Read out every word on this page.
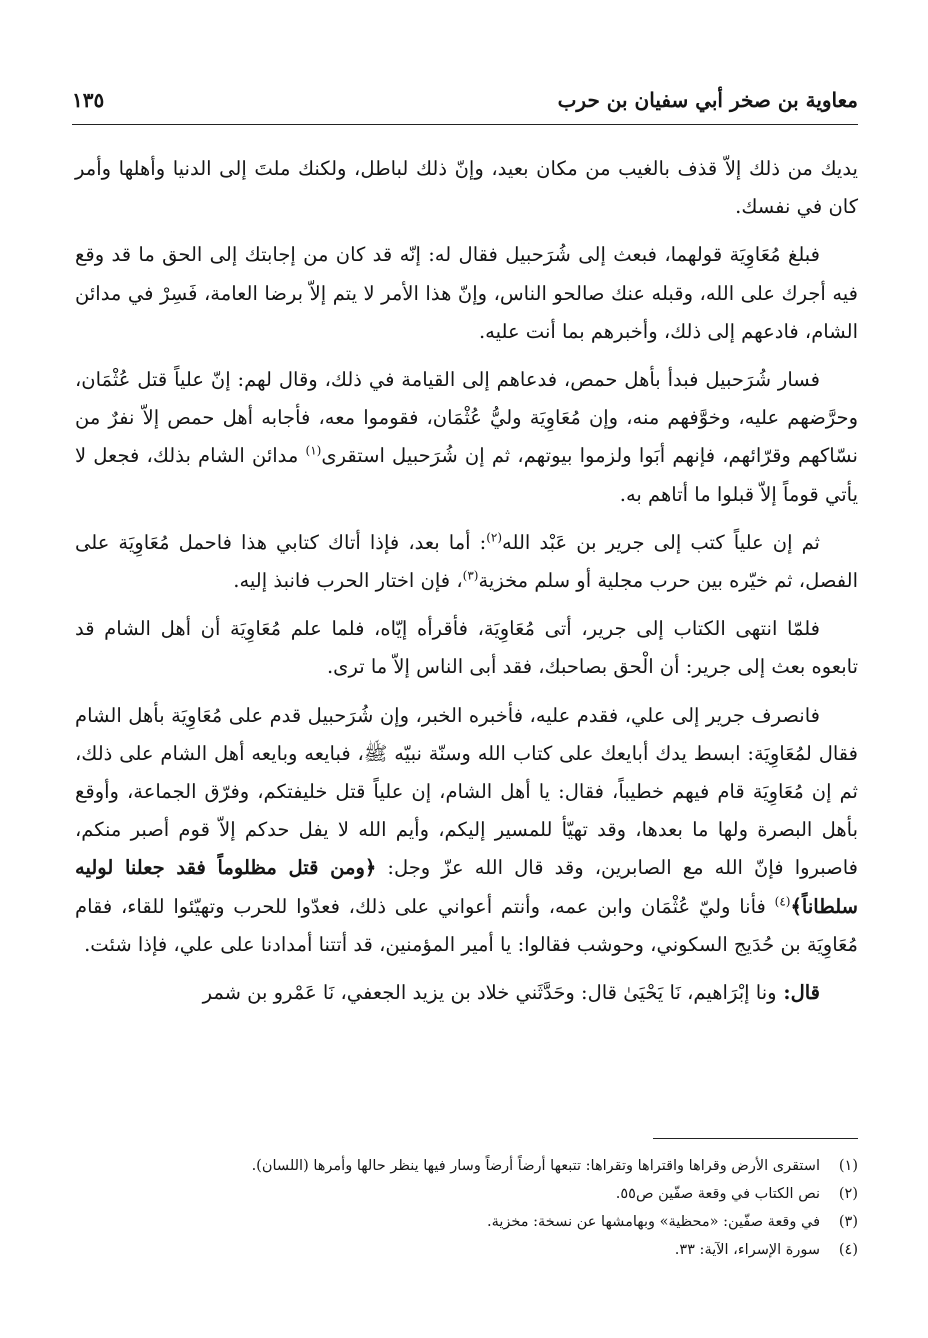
معاوية بن صخر أبي سفيان بن حرب
١٣٥

يديك من ذلك إلاّ قذف بالغيب من مكان بعيد، وإنّ ذلك لباطل، ولكنك ملتَ إلى الدنيا وأهلها وأمر كان في نفسك.

فبلغ مُعَاوِيَة قولهما، فبعث إلى شُرَحبيل فقال له: إنّه قد كان من إجابتك إلى الحق ما قد وقع فيه أجرك على الله، وقبله عنك صالحو الناس، وإنّ هذا الأمر لا يتم إلاّ برضا العامة، فَسِرْ في مدائن الشام، فادعهم إلى ذلك، وأخبرهم بما أنت عليه.

فسار شُرَحبيل فبدأ بأهل حمص، فدعاهم إلى القيامة في ذلك، وقال لهم: إنّ علياً قتل عُثْمَان، وحرَّضهم عليه، وخوَّفهم منه، وإن مُعَاوِيَة وليُّ عُثْمَان، فقوموا معه، فأجابه أهل حمص إلاّ نفرٌ من نسّاكهم وقرّائهم، فإنهم أبَوا ولزموا بيوتهم، ثم إن شُرَحبيل استقرى$^{(١)}$ مدائن الشام بذلك، فجعل لا يأتي قوماً إلاّ قبلوا ما أتاهم به.

ثم إن علياً كتب إلى جرير بن عَبْد الله$^{(٢)}$: أما بعد، فإذا أتاك كتابي هذا فاحمل مُعَاوِيَة على الفصل، ثم خيّره بين حرب مجلية أو سلم مخزية$^{(٣)}$، فإن اختار الحرب فانبذ إليه.

فلمّا انتهى الكتاب إلى جرير، أتى مُعَاوِيَة، فأقرأه إيّاه، فلما علم مُعَاوِيَة أن أهل الشام قد تابعوه بعث إلى جرير: أن الْحق بصاحبك، فقد أبى الناس إلاّ ما ترى.

فانصرف جرير إلى علي، فقدم عليه، فأخبره الخبر، وإن شُرَحبيل قدم على مُعَاوِيَة بأهل الشام فقال لمُعَاوِيَة: ابسط يدك أبايعك على كتاب الله وسنّة نبيّه ﷺ، فبايعه وبايعه أهل الشام على ذلك، ثم إن مُعَاوِيَة قام فيهم خطيباً، فقال: يا أهل الشام، إن علياً قتل خليفتكم، وفرّق الجماعة، وأوقع بأهل البصرة ولها ما بعدها، وقد تهيّأ للمسير إليكم، وأيم الله لا يفل حدكم إلاّ قوم أصبر منكم، فاصبروا فإنّ الله مع الصابرين، وقد قال الله عزّ وجل: ﴿ومن قتل مظلوماً فقد جعلنا لوليه سلطاناً﴾$^{(٤)}$ فأنا وليّ عُثْمَان وابن عمه، وأنتم أعواني على ذلك، فعدّوا للحرب وتهيّئوا للقاء، فقام مُعَاوِيَة بن حُدَيج السكوني، وحوشب فقالوا: يا أمير المؤمنين، قد أتتنا أمدادنا على علي، فإذا شئت.

قال: ونا إبْرَاهيم، نَا يَحْيَىٰ قال: وحَدَّثَني خلاد بن يزيد الجعفي، نَا عَمْرو بن شمر

(١)استقرى الأرض وقراها واقتراها وتقراها: تتبعها أرضاً أرضاً وسار فيها ينظر حالها وأمرها (اللسان).
(٢)نص الكتاب في وقعة صفّين ص٥٥.
(٣)في وقعة صفّين: «محظية» وبهامشها عن نسخة: مخزية.
(٤)سورة الإسراء، الآية: ٣٣.
